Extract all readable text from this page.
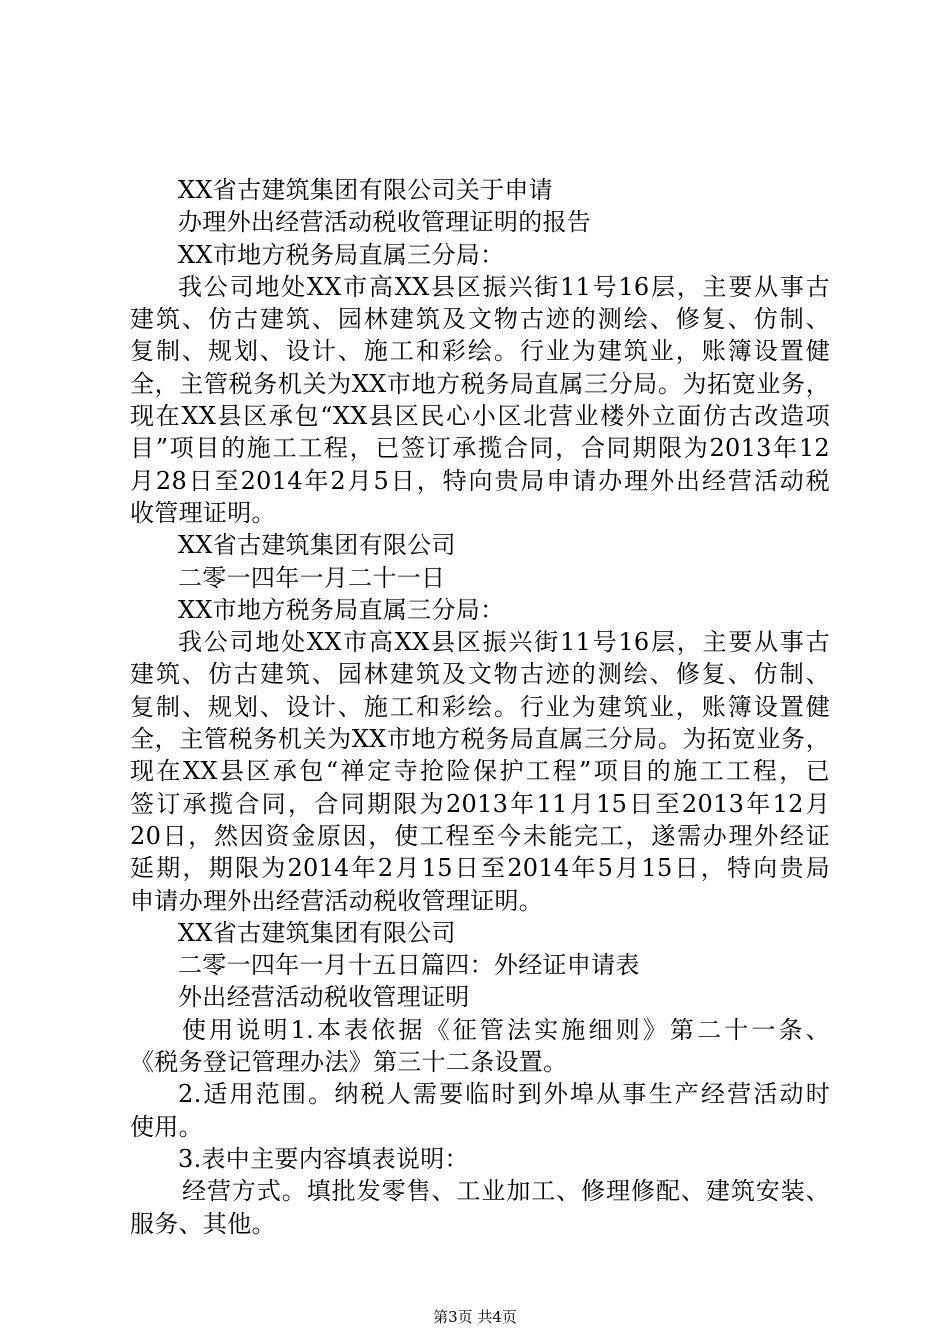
XX省古建筑集团有限公司关于申请
办理外出经营活动税收管理证明的报告
XX市地方税务局直属三分局：
我公司地处XX市高XX县区振兴街11号16层，主要从事古
建筑、仿古建筑、园林建筑及文物古迹的测绘、修复、仿制、
复制、规划、设计、施工和彩绘。行业为建筑业，账簿设置健
全，主管税务机关为XX市地方税务局直属三分局。为拓宽业务，
现在XX县区承包“XX县区民心小区北营业楼外立面仿古改造项
目”项目的施工工程，已签订承揽合同，合同期限为2013年12
月28日至2014年2月5日，特向贵局申请办理外出经营活动税
收管理证明。
XX省古建筑集团有限公司
二零一四年一月二十一日
XX市地方税务局直属三分局：
我公司地处XX市高XX县区振兴街11号16层，主要从事古
建筑、仿古建筑、园林建筑及文物古迹的测绘、修复、仿制、
复制、规划、设计、施工和彩绘。行业为建筑业，账簿设置健
全，主管税务机关为XX市地方税务局直属三分局。为拓宽业务，
现在XX县区承包“禅定寺抢险保护工程”项目的施工工程，已
签订承揽合同，合同期限为2013年11月15日至2013年12月
20日，然因资金原因，使工程至今未能完工，遂需办理外经证
延期，期限为2014年2月15日至2014年5月15日，特向贵局
申请办理外出经营活动税收管理证明。
XX省古建筑集团有限公司
二零一四年一月十五日篇四：外经证申请表
外出经营活动税收管理证明
使用说明1.本表依据《征管法实施细则》第二十一条、
《税务登记管理办法》第三十二条设置。
2.适用范围。纳税人需要临时到外埠从事生产经营活动时
使用。
3.表中主要内容填表说明：
经营方式。填批发零售、工业加工、修理修配、建筑安装、
服务、其他。
第3页 共4页
